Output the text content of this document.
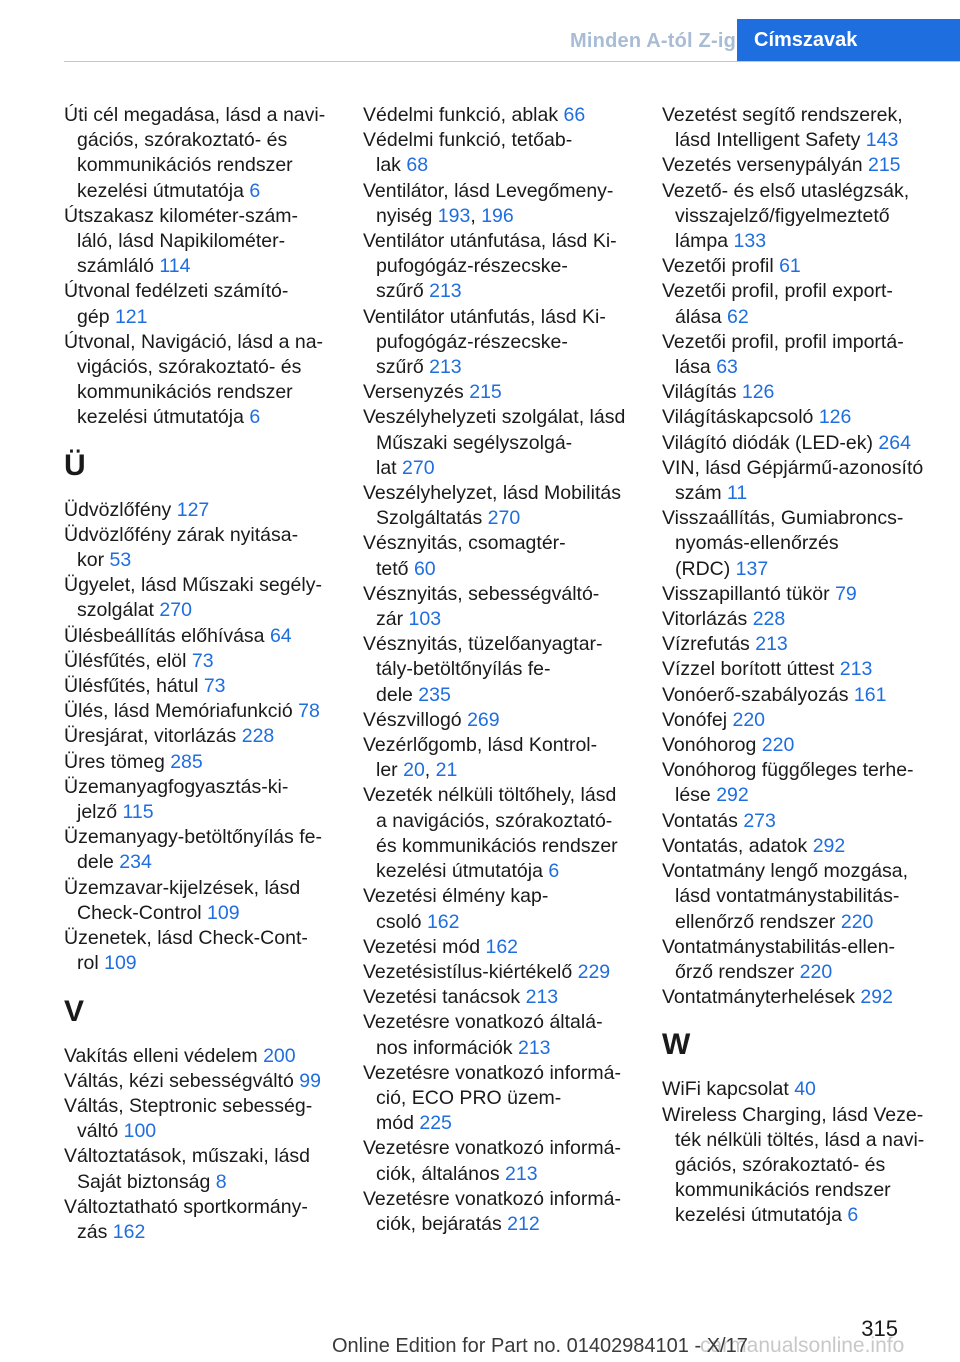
Minden A-tól Z-ig Címszavak
Úti cél megadása, lásd a navi-
gációs, szórakoztató- és
kommunikációs rendszer
kezelési útmutatója 6
Útszakasz kilométer-szám-
láló, lásd Napikilométer-
számláló 114
Útvonal fedélzeti számító-
gép 121
Útvonal, Navigáció, lásd a na-
vigációs, szórakoztató- és
kommunikációs rendszer
kezelési útmutatója 6
Ü
Üdvözlőfény 127
Üdvözlőfény zárak nyitása-
kor 53
Ügyelet, lásd Műszaki segély-
szolgálat 270
Ülésbeállítás előhívása 64
Ülésfűtés, elöl 73
Ülésfűtés, hátul 73
Ülés, lásd Memóriafunkció 78
Üresjárat, vitorlázás 228
Üres tömeg 285
Üzemanyagfogyasztás-ki-
jelző 115
Üzemanyagy-betöltőnyílás fe-
dele 234
Üzemzavar-kijelzések, lásd
Check-Control 109
Üzenetek, lásd Check-Cont-
rol 109
V
Vakítás elleni védelem 200
Váltás, kézi sebességváltó 99
Váltás, Steptronic sebesség-
váltó 100
Változtatások, műszaki, lásd
Saját biztonság 8
Változtatható sportkormány-
zás 162
Védelmi funkció, ablak 66
Védelmi funkció, tetőab-
lak 68
Ventilátor, lásd Levegőmeny-
nyiség 193, 196
Ventilátor utánfutása, lásd Ki-
pufogógáz-részecske-
szűrő 213
Ventilátor utánfutás, lásd Ki-
pufogógáz-részecske-
szűrő 213
Versenyzés 215
Veszélyhelyzeti szolgálat, lásd
Műszaki segélyszolgá-
lat 270
Veszélyhelyzet, lásd Mobilitás
Szolgáltatás 270
Vésznyitás, csomagtér-
tető 60
Vésznyitás, sebességváltó-
zár 103
Vésznyitás, tüzelőanyagtar-
tály-betöltőnyílás fe-
dele 235
Vészvillogó 269
Vezérlőgomb, lásd Kontrol-
ler 20, 21
Vezeték nélküli töltőhely, lásd
a navigációs, szórakoztató-
és kommunikációs rendszer
kezelési útmutatója 6
Vezetési élmény kap-
csoló 162
Vezetési mód 162
Vezetésistílus-kiértékelő 229
Vezetési tanácsok 213
Vezetésre vonatkozó általá-
nos információk 213
Vezetésre vonatkozó informá-
ció, ECO PRO üzem-
mód 225
Vezetésre vonatkozó informá-
ciók, általános 213
Vezetésre vonatkozó informá-
ciók, bejáratás 212
Vezetést segítő rendszerek,
lásd Intelligent Safety 143
Vezetés versenypályán 215
Vezető- és első utaslégzsák,
visszajelző/figyelmeztető
lámpa 133
Vezetői profil 61
Vezetői profil, profil export-
álása 62
Vezetői profil, profil importá-
lása 63
Világítás 126
Világításkapcsoló 126
Világító diódák (LED-ek) 264
VIN, lásd Gépjármű-azonosító
szám 11
Visszaállítás, Gumiabroncs-
nyomás-ellenőrzés
(RDC) 137
Visszapillantó tükör 79
Vitorlázás 228
Vízrefutás 213
Vízzel borított úttest 213
Vonóerő-szabályozás 161
Vonófej 220
Vonóhorog 220
Vonóhorog függőleges terhe-
lése 292
Vontatás 273
Vontatás, adatok 292
Vontatmány lengő mozgása,
lásd vontatmánystabilitás-
ellenőrző rendszer 220
Vontatmánystabilitás-ellen-
őrző rendszer 220
Vontatmányterhelések 292
W
WiFi kapcsolat 40
Wireless Charging, lásd Veze-
ték nélküli töltés, lásd a navi-
gációs, szórakoztató- és
kommunikációs rendszer
kezelési útmutatója 6
315
carmanualsonline.info
Online Edition for Part no. 01402984101 - X/17
